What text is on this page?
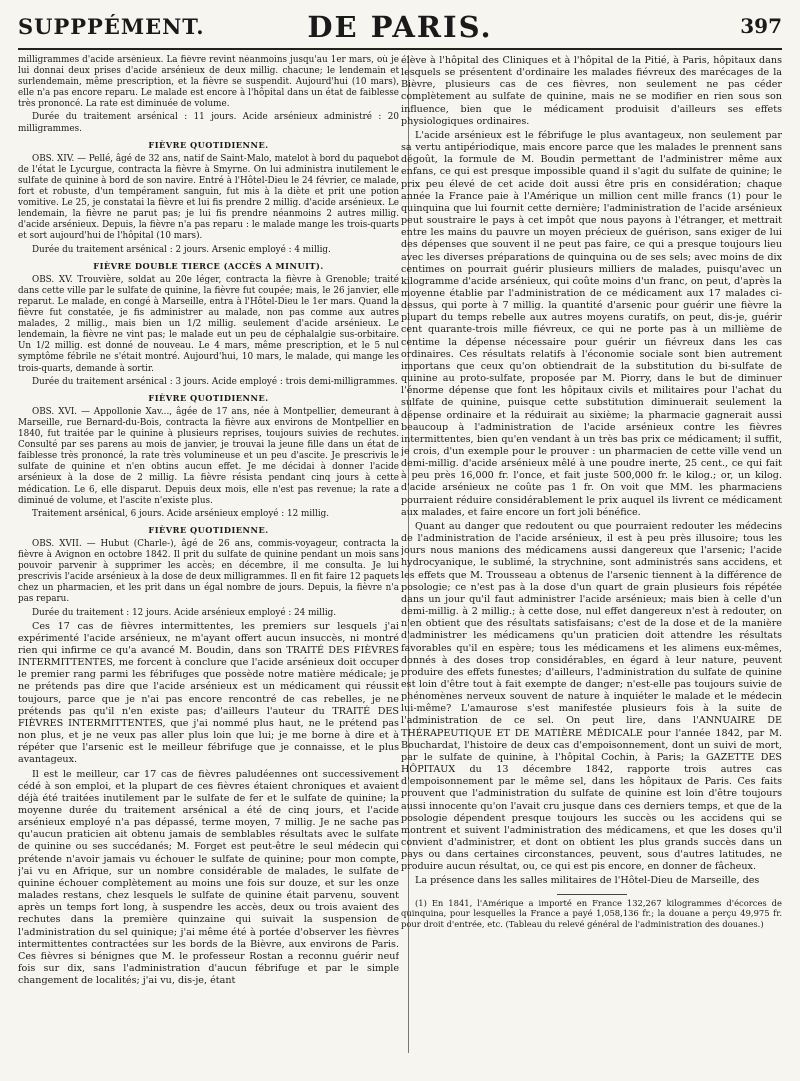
SUPPPÉMENT.	DE PARIS.	397

milligrammes d'acide arsénieux. La fièvre revint néanmoins jusqu'au 1er mars, où je lui donnai deux prises d'acide arsénieux de deux millig. chacune; le lendemain et surlendemain, même prescription, et la fièvre se suspendit. Aujourd'hui (10 mars), elle n'a pas encore reparu. Le malade est encore à l'hôpital dans un état de faiblesse très prononcé. La rate est diminuée de volume.

Durée du traitement arsénical : 11 jours. Acide arsénieux administré : 20 milligrammes.

FIÈVRE QUOTIDIENNE.

OBS. XIV. — Pellé, âgé de 32 ans, natif de Saint-Malo, matelot à bord du paquebot de l'état le Lycurgue, contracta la fièvre à Smyrne. On lui administra inutilement le sulfate de quinine à bord de son navire. Entré à l'Hôtel-Dieu le 24 février, ce malade, fort et robuste, d'un tempérament sanguin, fut mis à la diète et prit une potion vomitive. Le 25, je constatai la fièvre et lui fis prendre 2 millig. d'acide arsénieux. Le lendemain, la fièvre ne parut pas; je lui fis prendre néanmoins 2 autres millig. d'acide arsénieux. Depuis, la fièvre n'a pas reparu : le malade mange les trois-quarts et sort aujourd'hui de l'hôpital (10 mars).

Durée du traitement arsénical : 2 jours. Arsenic employé : 4 millig.

FIÈVRE DOUBLE TIERCE (ACCÈS A MINUIT).

OBS. XV. Trouvière, soldat au 20e léger, contracta la fièvre à Grenoble; traité dans cette ville par le sulfate de quinine, la fièvre fut coupée; mais, le 26 janvier, elle reparut. Le malade, en congé à Marseille, entra à l'Hôtel-Dieu le 1er mars. Quand la fièvre fut constatée, je fis administrer au malade, non pas comme aux autres malades, 2 millig., mais bien un 1/2 millig. seulement d'acide arsénieux. Le lendemain, la fièvre ne vint pas; le malade eut un peu de céphalalgie sus-orbitaire. Un 1/2 millig. est donné de nouveau. Le 4 mars, même prescription, et le 5 nul symptôme fébrile ne s'était montré. Aujourd'hui, 10 mars, le malade, qui mange les trois-quarts, demande à sortir.

Durée du traitement arsénical : 3 jours. Acide employé : trois demi-milligrammes.

FIÈVRE QUOTIDIENNE.

OBS. XVI. — Appollonie Xav..., âgée de 17 ans, née à Montpellier, demeurant à Marseille, rue Bernard-du-Bois, contracta la fièvre aux environs de Montpellier en 1840, fut traitée par le quinine à plusieurs reprises, toujours suivies de rechutes. Consulté par ses parens au mois de janvier, je trouvai la jeune fille dans un état de faiblesse très prononcé, la rate très volumineuse et un peu d'ascite. Je prescrivis le sulfate de quinine et n'en obtins aucun effet. Je me décidai à donner l'acide arsénieux à la dose de 2 millig. La fièvre résista pendant cinq jours à cette médication. Le 6, elle disparut. Depuis deux mois, elle n'est pas revenue; la rate a diminué de volume, et l'ascite n'existe plus.

Traitement arsénical, 6 jours. Acide arsénieux employé : 12 millig.

FIÈVRE QUOTIDIENNE.

OBS. XVII. — Hubut (Charle-), âgé de 26 ans, commis-voyageur, contracta la fièvre à Avignon en octobre 1842. Il prit du sulfate de quinine pendant un mois sans pouvoir parvenir à supprimer les accès; en décembre, il me consulta. Je lui prescrivis l'acide arsénieux à la dose de deux milligrammes. Il en fit faire 12 paquets chez un pharmacien, et les prit dans un égal nombre de jours. Depuis, la fièvre n'a pas reparu.

Durée du traitement : 12 jours. Acide arsénieux employé : 24 millig.

Ces 17 cas de fièvres intermittentes, les premiers sur lesquels j'ai expérimenté l'acide arsénieux, ne m'ayant offert aucun insuccès, ni montré rien qui infirme ce qu'a avancé M. Boudin, dans son TRAITÉ DES FIÈVRES INTERMITTENTES, me forcent à conclure que l'acide arsénieux doit occuper le premier rang parmi les fébrifuges que possède notre matière médicale; je ne prétends pas dire que l'acide arsénieux est un médicament qui réussit toujours, parce que je n'ai pas encore rencontré de cas rebelles, je ne prétends pas qu'il n'en existe pas; d'ailleurs l'auteur du TRAITÉ DES FIÈVRES INTERMITTENTES, que j'ai nommé plus haut, ne le prétend pas non plus, et je ne veux pas aller plus loin que lui; je me borne à dire et à répéter que l'arsenic est le meilleur fébrifuge que je connaisse, et le plus avantageux.

Il est le meilleur, car 17 cas de fièvres paludéennes ont successivement cédé à son emploi, et la plupart de ces fièvres étaient chroniques et avaient déjà été traitées inutilement par le sulfate de fer et le sulfate de quinine; la moyenne durée du traitement arsénical a été de cinq jours, et l'acide arsénieux employé n'a pas dépassé, terme moyen, 7 millig. Je ne sache pas qu'aucun praticien ait obtenu jamais de semblables résultats avec le sulfate de quinine ou ses succédanés; M. Forget est peut-être le seul médecin qui prétende n'avoir jamais vu échouer le sulfate de quinine; pour mon compte, j'ai vu en Afrique, sur un nombre considérable de malades, le sulfate de quinine échouer complètement au moins une fois sur douze, et sur les onze malades restans, chez lesquels le sulfate de quinine était parvenu, souvent après un temps fort long, à suspendre les accès, deux ou trois avaient des rechutes dans la première quinzaine qui suivait la suspension de l'administration du sel quinique; j'ai même été à portée d'observer les fièvres intermittentes contractées sur les bords de la Bièvre, aux environs de Paris. Ces fièvres si bénignes que M. le professeur Rostan a reconnu guérir neuf fois sur dix, sans l'administration d'aucun fébrifuge et par le simple changement de localités; j'ai vu, dis-je, étant

élève à l'hôpital des Cliniques et à l'hôpital de la Pitié, à Paris, hôpitaux dans lesquels se présentent d'ordinaire les malades fiévreux des marécages de la Bièvre, plusieurs cas de ces fièvres, non seulement ne pas céder complètement au sulfate de quinine, mais ne se modifier en rien sous son influence, bien que le médicament produisit d'ailleurs ses effets physiologiques ordinaires.

L'acide arsénieux est le fébrifuge le plus avantageux, non seulement par sa vertu antipériodique, mais encore parce que les malades le prennent sans dégoût, la formule de M. Boudin permettant de l'administrer même aux enfans, ce qui est presque impossible quand il s'agit du sulfate de quinine; le prix peu élevé de cet acide doit aussi être pris en considération; chaque année la France paie à l'Amérique un million cent mille francs (1) pour le quinquina que lui fournit cette dernière; l'administration de l'acide arsénieux peut soustraire le pays à cet impôt que nous payons à l'étranger, et mettrait entre les mains du pauvre un moyen précieux de guérison, sans exiger de lui des dépenses que souvent il ne peut pas faire, ce qui a presque toujours lieu avec les diverses préparations de quinquina ou de ses sels; avec moins de dix centimes on pourrait guérir plusieurs milliers de malades, puisqu'avec un kilogramme d'acide arsénieux, qui coûte moins d'un franc, on peut, d'après la moyenne établie par l'administration de ce médicament aux 17 malades ci-dessus, qui porte à 7 millig. la quantité d'arsenic pour guérir une fièvre la plupart du temps rebelle aux autres moyens curatifs, on peut, dis-je, guérir cent quarante-trois mille fiévreux, ce qui ne porte pas à un millième de centime la dépense nécessaire pour guérir un fiévreux dans les cas ordinaires. Ces résultats relatifs à l'économie sociale sont bien autrement importans que ceux qu'on obtiendrait de la substitution du bi-sulfate de quinine au proto-sulfate, proposée par M. Piorry, dans le but de diminuer l'énorme dépense que font les hôpitaux civils et militaires pour l'achat du sulfate de quinine, puisque cette substitution diminuerait seulement la dépense ordinaire et la réduirait au sixième; la pharmacie gagnerait aussi beaucoup à l'administration de l'acide arsénieux contre les fièvres intermittentes, bien qu'en vendant à un très bas prix ce médicament; il suffit, je crois, d'un exemple pour le prouver : un pharmacien de cette ville vend un demi-millig. d'acide arsénieux mêlé à une poudre inerte, 25 cent., ce qui fait à peu près 16,000 fr. l'once, et fait juste 500,000 fr. le kilog.; or, un kilog. d'acide arsénieux ne coûte pas 1 fr. On voit que MM. les pharmaciens pourraient réduire considérablement le prix auquel ils livrent ce médicament aux malades, et faire encore un fort joli bénéfice.

Quant au danger que redoutent ou que pourraient redouter les médecins de l'administration de l'acide arsénieux, il est à peu près illusoire; tous les jours nous manions des médicamens aussi dangereux que l'arsenic; l'acide hydrocyanique, le sublimé, la strychnine, sont administrés sans accidens, et les effets que M. Trousseau a obtenus de l'arsenic tiennent à la différence de posologie; ce n'est pas à la dose d'un quart de grain plusieurs fois répétée dans un jour qu'il faut administrer l'acide arsénieux; mais bien à celle d'un demi-millig. à 2 millig.; à cette dose, nul effet dangereux n'est à redouter, on n'en obtient que des résultats satisfaisans; c'est de la dose et de la manière d'administrer les médicamens qu'un praticien doit attendre les résultats favorables qu'il en espère; tous les médicamens et les alimens eux-mêmes, donnés à des doses trop considérables, en égard à leur nature, peuvent produire des effets funestes; d'ailleurs, l'administration du sulfate de quinine est loin d'être tout à fait exempte de danger; n'est-elle pas toujours suivie de phénomènes nerveux souvent de nature à inquiéter le malade et le médecin lui-même? L'amaurose s'est manifestée plusieurs fois à la suite de l'administration de ce sel. On peut lire, dans l'ANNUAIRE DE THÉRAPEUTIQUE ET DE MATIÈRE MÉDICALE pour l'année 1842, par M. Bouchardat, l'histoire de deux cas d'empoisonnement, dont un suivi de mort, par le sulfate de quinine, à l'hôpital Cochin, à Paris; la GAZETTE DES HÔPITAUX du 13 décembre 1842, rapporte trois autres cas d'empoisonnement par le même sel, dans les hôpitaux de Paris. Ces faits prouvent que l'administration du sulfate de quinine est loin d'être toujours aussi innocente qu'on l'avait cru jusque dans ces derniers temps, et que de la posologie dépendent presque toujours les succès ou les accidens qui se montrent et suivent l'administration des médicamens, et que les doses qu'il convient d'administrer, et dont on obtient les plus grands succès dans un pays ou dans certaines circonstances, peuvent, sous d'autres latitudes, ne produire aucun résultat, ou, ce qui est pis encore, en donner de fâcheux.

La présence dans les salles militaires de l'Hôtel-Dieu de Marseille, des

(1) En 1841, l'Amérique a importé en France 132,267 kilogrammes d'écorces de quinquina, pour lesquelles la France a payé 1,058,136 fr.; la douane a perçu 49,975 fr. pour droit d'entrée, etc. (Tableau du relevé général de l'administration des douanes.)
